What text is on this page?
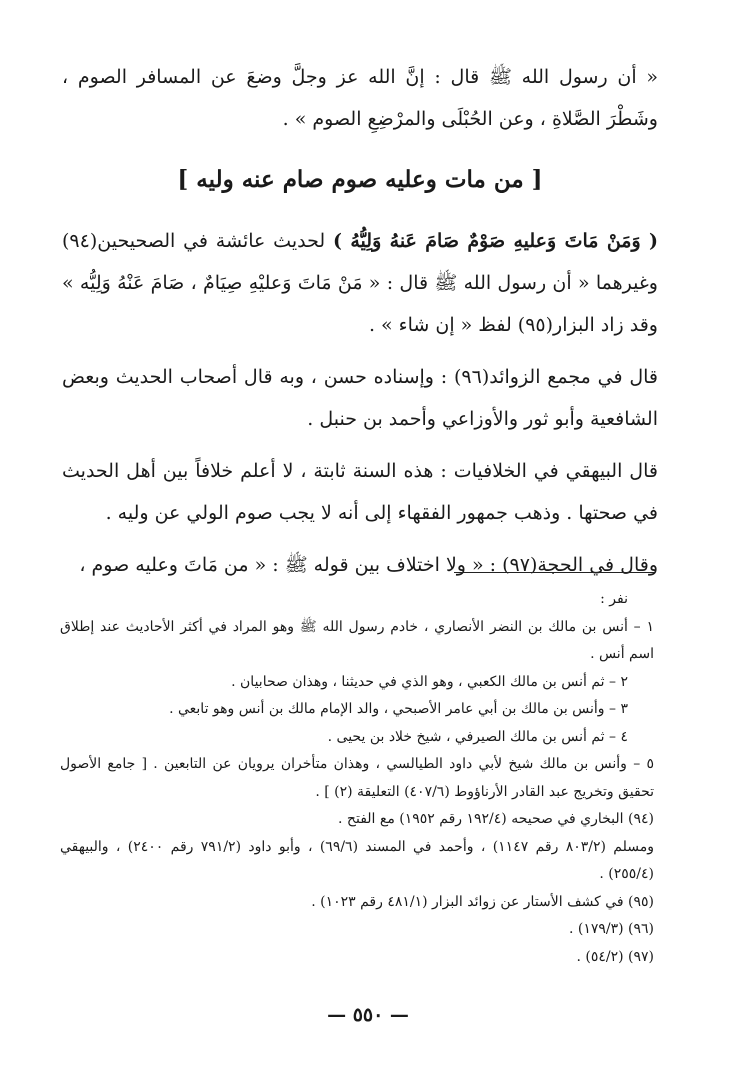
« أن رسول الله ﷺ قال : إنَّ الله عز وجلَّ وضعَ عن المسافر الصوم ، وشَطْرَ الصَّلاةِ ، وعن الحُبْلَى والمرْضِعِ الصوم » .

[ من مات وعليه صوم صام عنه وليه ]

( وَمَنْ مَاتَ وَعليهِ صَوْمٌ صَامَ عَنهُ وَلِيُّهُ ) لحديث عائشة في الصحيحين(٩٤) وغيرهما « أن رسول الله ﷺ قال : « مَنْ مَاتَ وَعليْهِ صِيَامٌ ، صَامَ عَنْهُ وَلِيُّه » وقد زاد البزار(٩٥) لفظ « إن شاء » .

قال في مجمع الزوائد(٩٦) : وإسناده حسن ، وبه قال أصحاب الحديث وبعض الشافعية وأبو ثور والأوزاعي وأحمد بن حنبل .

قال البيهقي في الخلافيات : هذه السنة ثابتة ، لا أعلم خلافاً بين أهل الحديث في صحتها . وذهب جمهور الفقهاء إلى أنه لا يجب صوم الولي عن وليه .

وقال في الحجة(٩٧) : « ولا اختلاف بين قوله ﷺ : « من مَاتَ وعليه صوم ،

نفر :

١ – أنس بن مالك بن النضر الأنصاري ، خادم رسول الله ﷺ وهو المراد في أكثر الأحاديث عند إطلاق اسم أنس .

٢ – ثم أنس بن مالك الكعبي ، وهو الذي في حديثنا ، وهذان صحابيان .

٣ – وأنس بن مالك بن أبي عامر الأصبحي ، والد الإمام مالك بن أنس وهو تابعي .

٤ – ثم أنس بن مالك الصيرفي ، شيخ خلاد بن يحيى .

٥ – وأنس بن مالك شيخ لأبي داود الطيالسي ، وهذان متأخران يرويان عن التابعين . [ جامع الأصول تحقيق وتخريج عبد القادر الأرناؤوط (٤٠٧/٦) التعليقة (٢) ] .

(٩٤) البخاري في صحيحه (١٩٢/٤ رقم ١٩٥٢) مع الفتح .

ومسلم (٨٠٣/٢ رقم ١١٤٧) ، وأحمد في المسند (٦٩/٦) ، وأبو داود (٧٩١/٢ رقم ٢٤٠٠) ، والبيهقي (٢٥٥/٤) .

(٩٥) في كشف الأستار عن زوائد البزار (٤٨١/١ رقم ١٠٢٣) .

(٩٦) (١٧٩/٣) .

(٩٧) (٥٤/٢) .

— ٥٥٠ —
